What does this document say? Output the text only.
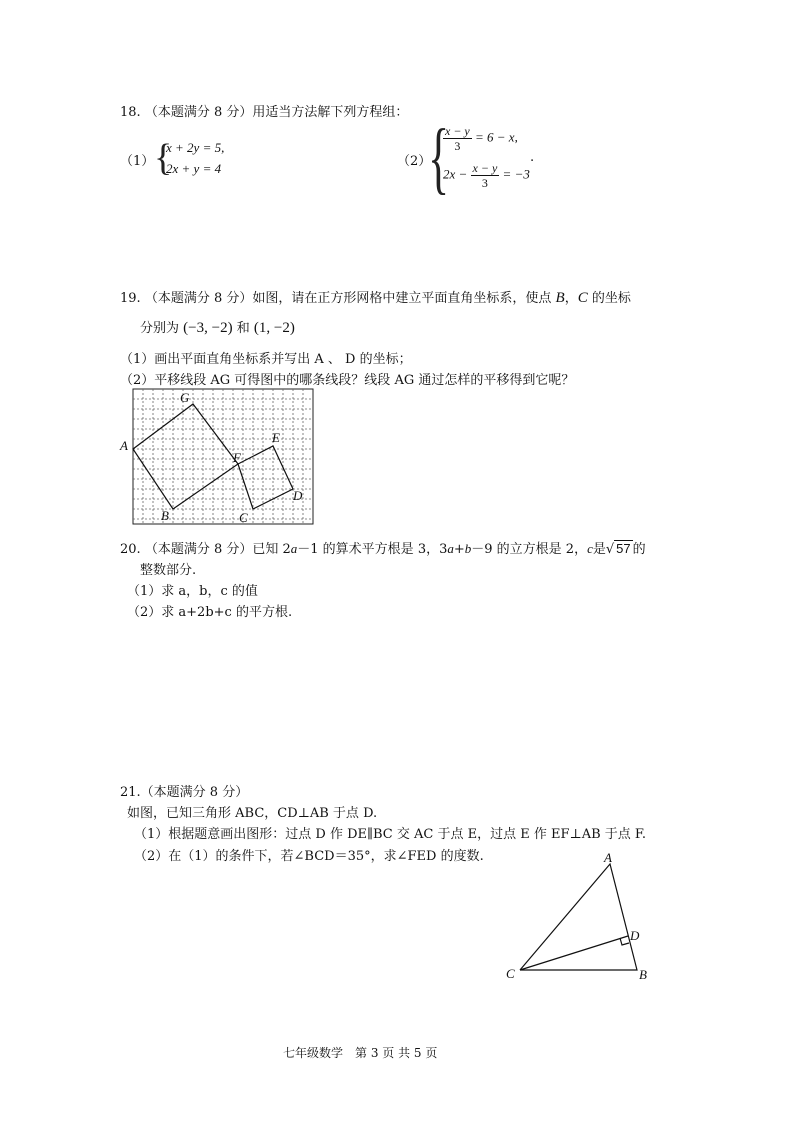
18. （本题满分 8 分）用适当方法解下列方程组：
（1） {
x + 2y = 5,
2x + y = 4	（2）
{
$\frac{x - y}{3} = 6 - x$,
$2x - \frac{x - y}{3} = -3$
.
19. （本题满分 8 分）如图，请在正方形网格中建立平面直角坐标系，使点 B，C 的坐标
分别为 (−3, −2) 和 (1, −2)
（1）画出平面直角坐标系并写出 A 、 D 的坐标；
（2）平移线段 AG 可得图中的哪条线段？线段 AG 通过怎样的平移得到它呢？
A
G
E
F
D
B	C
20. （本题满分 8 分）已知 2a－1 的算术平方根是 3，3a+b－9 的立方根是 2，c是√ 57 的
整数部分.
（1）求 a，b，c 的值
（2）求 a+2b+c 的平方根.
21.（本题满分 8 分）
如图，已知三角形 ABC，CD⊥AB 于点 D.
（1）根据题意画出图形：过点 D 作 DE∥BC 交 AC 于点 E，过点 E 作 EF⊥AB 于点 F.
（2）在（1）的条件下，若∠BCD＝35°，求∠FED 的度数.	A
D
C	B
七年级数学　第 3 页 共 5 页
